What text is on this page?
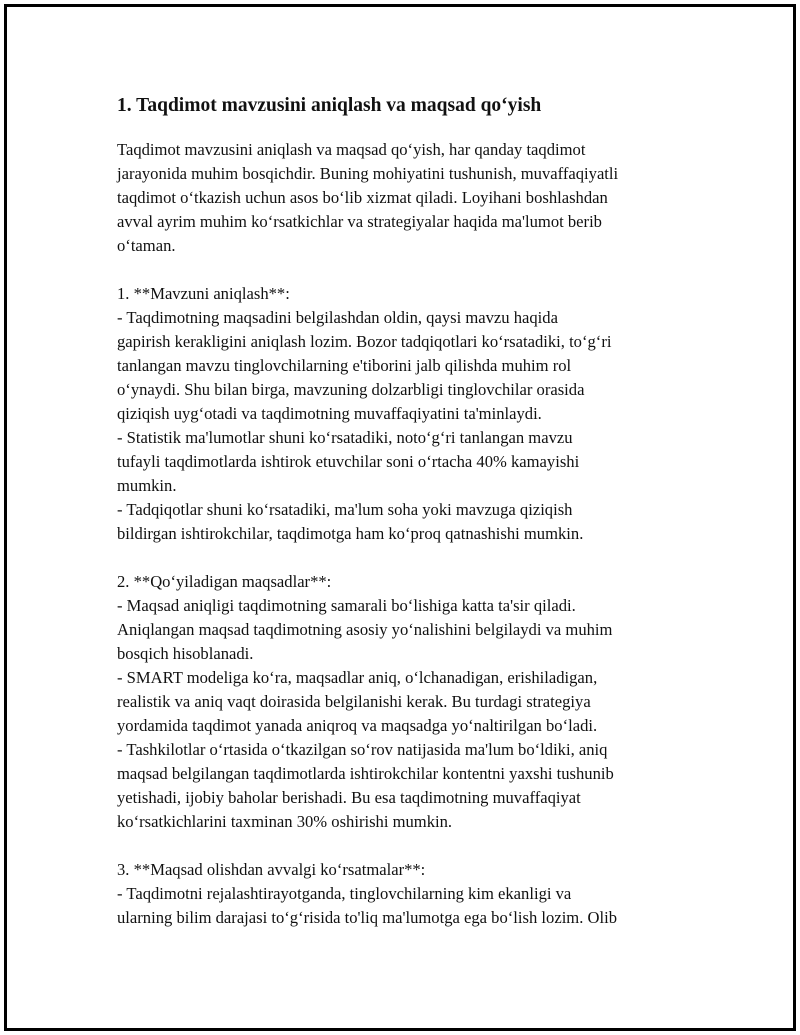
1. Taqdimot mavzusini aniqlash va maqsad qo‘yish

Taqdimot mavzusini aniqlash va maqsad qo‘yish, har qanday taqdimot
jarayonida muhim bosqichdir. Buning mohiyatini tushunish, muvaffaqiyatli
taqdimot o‘tkazish uchun asos bo‘lib xizmat qiladi. Loyihani boshlashdan
avval ayrim muhim ko‘rsatkichlar va strategiyalar haqida ma'lumot berib
o‘taman.

1. **Mavzuni aniqlash**:

- Taqdimotning maqsadini belgilashdan oldin, qaysi mavzu haqida
gapirish kerakligini aniqlash lozim. Bozor tadqiqotlari ko‘rsatadiki, to‘g‘ri
tanlangan mavzu tinglovchilarning e'tiborini jalb qilishda muhim rol
o‘ynaydi. Shu bilan birga, mavzuning dolzarbligi tinglovchilar orasida
qiziqish uyg‘otadi va taqdimotning muvaffaqiyatini ta'minlaydi.

- Statistik ma'lumotlar shuni ko‘rsatadiki, noto‘g‘ri tanlangan mavzu
tufayli taqdimotlarda ishtirok etuvchilar soni o‘rtacha 40% kamayishi
mumkin.

- Tadqiqotlar shuni ko‘rsatadiki, ma'lum soha yoki mavzuga qiziqish
bildirgan ishtirokchilar, taqdimotga ham ko‘proq qatnashishi mumkin.

2. **Qo‘yiladigan maqsadlar**:

- Maqsad aniqligi taqdimotning samarali bo‘lishiga katta ta'sir qiladi.
Aniqlangan maqsad taqdimotning asosiy yo‘nalishini belgilaydi va muhim
bosqich hisoblanadi.

- SMART modeliga ko‘ra, maqsadlar aniq, o‘lchanadigan, erishiladigan,
realistik va aniq vaqt doirasida belgilanishi kerak. Bu turdagi strategiya
yordamida taqdimot yanada aniqroq va maqsadga yo‘naltirilgan bo‘ladi.

- Tashkilotlar o‘rtasida o‘tkazilgan so‘rov natijasida ma'lum bo‘ldiki, aniq
maqsad belgilangan taqdimotlarda ishtirokchilar kontentni yaxshi tushunib
yetishadi, ijobiy baholar berishadi. Bu esa taqdimotning muvaffaqiyat
ko‘rsatkichlarini taxminan 30% oshirishi mumkin.

3. **Maqsad olishdan avvalgi ko‘rsatmalar**:

- Taqdimotni rejalashtirayotganda, tinglovchilarning kim ekanligi va
ularning bilim darajasi to‘g‘risida to'liq ma'lumotga ega bo‘lish lozim. Olib
